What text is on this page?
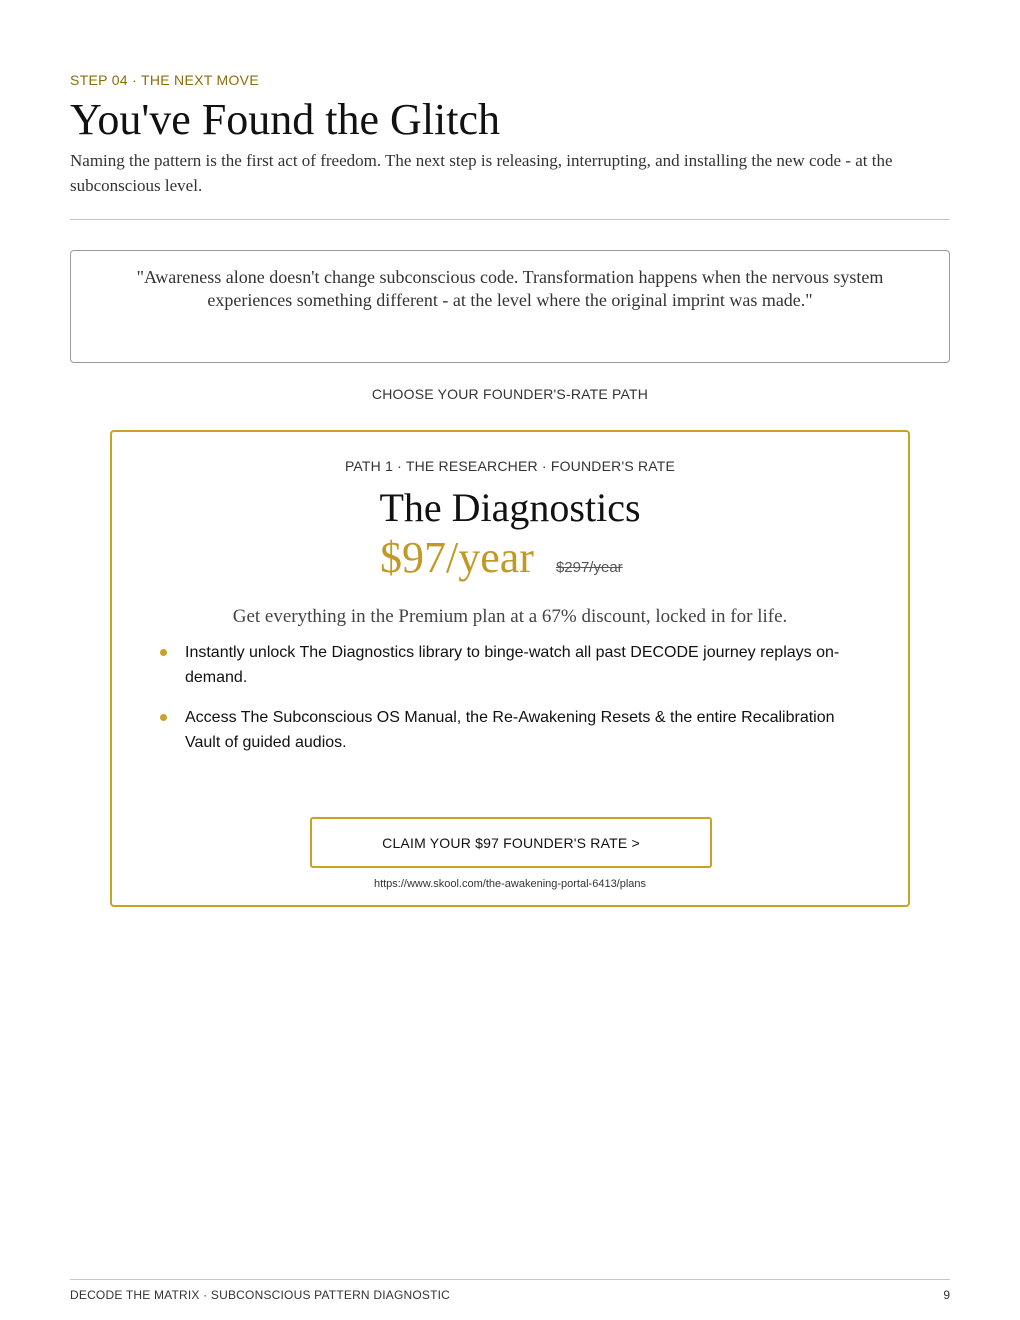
STEP 04 · THE NEXT MOVE
You've Found the Glitch

Naming the pattern is the first act of freedom. The next step is releasing, interrupting, and installing the new code - at the subconscious level.

"Awareness alone doesn't change subconscious code. Transformation happens when the nervous system experiences something different - at the level where the original imprint was made."
CHOOSE YOUR FOUNDER'S-RATE PATH
PATH 1 · THE RESEARCHER · FOUNDER'S RATE
The Diagnostics
$97/year $297/year
Get everything in the Premium plan at a 67% discount, locked in for life.
Instantly unlock The Diagnostics library to binge-watch all past DECODE journey replays on-demand.
Access The Subconscious OS Manual, the Re-Awakening Resets & the entire Recalibration Vault of guided audios.
CLAIM YOUR $97 FOUNDER'S RATE >
https://www.skool.com/the-awakening-portal-6413/plans
DECODE THE MATRIX · SUBCONSCIOUS PATTERN DIAGNOSTIC	9
